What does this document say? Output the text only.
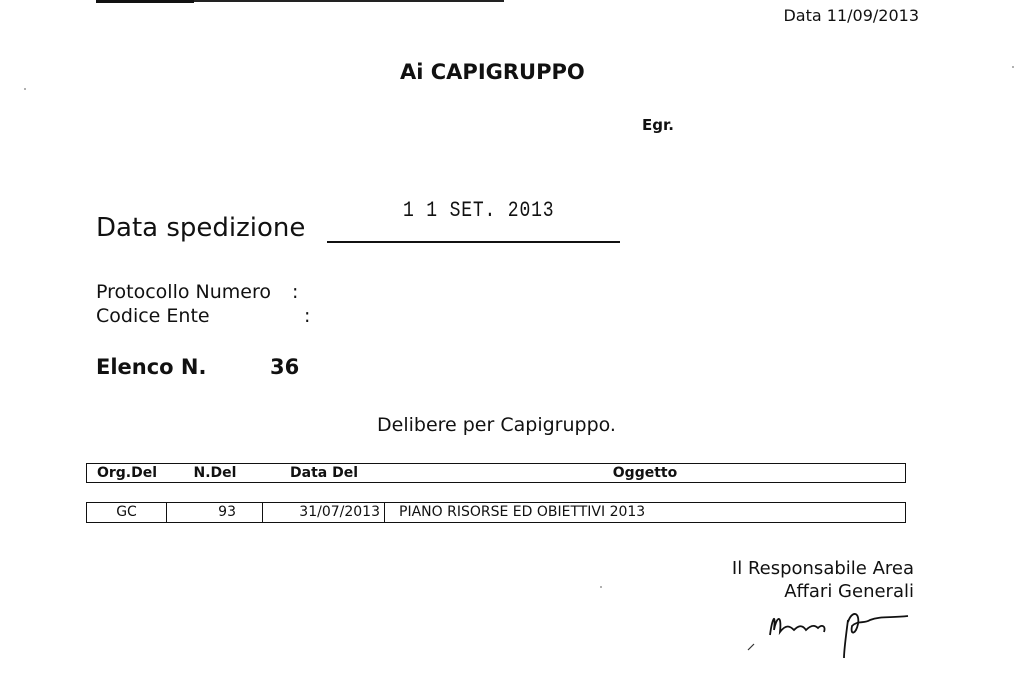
Data 11/09/2013
Ai CAPIGRUPPO
Egr.
Data spedizione
1 1 SET. 2013
Protocollo Numero :
Codice Ente	:
Elenco N.	36
Delibere per Capigruppo.
Org.Del	N.Del	Data Del	Oggetto
GC	93	31/07/2013	PIANO RISORSE ED OBIETTIVI 2013
Il Responsabile Area
Affari Generali
